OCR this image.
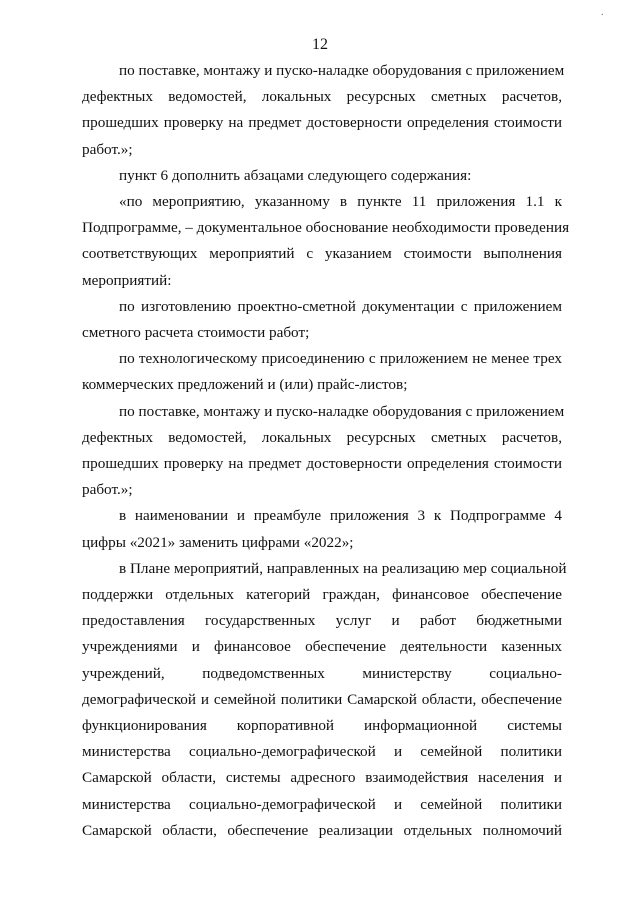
·
12
по поставке, монтажу и пуско-наладке оборудования с приложением
дефектных ведомостей, локальных ресурсных сметных расчетов,
прошедших проверку на предмет достоверности определения стоимости
работ.»;
пункт 6 дополнить абзацами следующего содержания:
«по мероприятию, указанному в пункте 11 приложения 1.1 к
Подпрограмме, – документальное обоснование необходимости проведения
соответствующих мероприятий с указанием стоимости выполнения
мероприятий:
по изготовлению проектно-сметной документации с приложением
сметного расчета стоимости работ;
по технологическому присоединению с приложением не менее трех
коммерческих предложений и (или) прайс-листов;
по поставке, монтажу и пуско-наладке оборудования с приложением
дефектных ведомостей, локальных ресурсных сметных расчетов,
прошедших проверку на предмет достоверности определения стоимости
работ.»;
в наименовании и преамбуле приложения 3 к Подпрограмме 4
цифры «2021» заменить цифрами «2022»;
в Плане мероприятий, направленных на реализацию мер социальной
поддержки отдельных категорий граждан, финансовое обеспечение
предоставления государственных услуг и работ бюджетными
учреждениями и финансовое обеспечение деятельности казенных
учреждений, подведомственных министерству социально-
демографической и семейной политики Самарской области, обеспечение
функционирования корпоративной информационной системы
министерства социально-демографической и семейной политики
Самарской области, системы адресного взаимодействия населения и
министерства социально-демографической и семейной политики
Самарской области, обеспечение реализации отдельных полномочий
